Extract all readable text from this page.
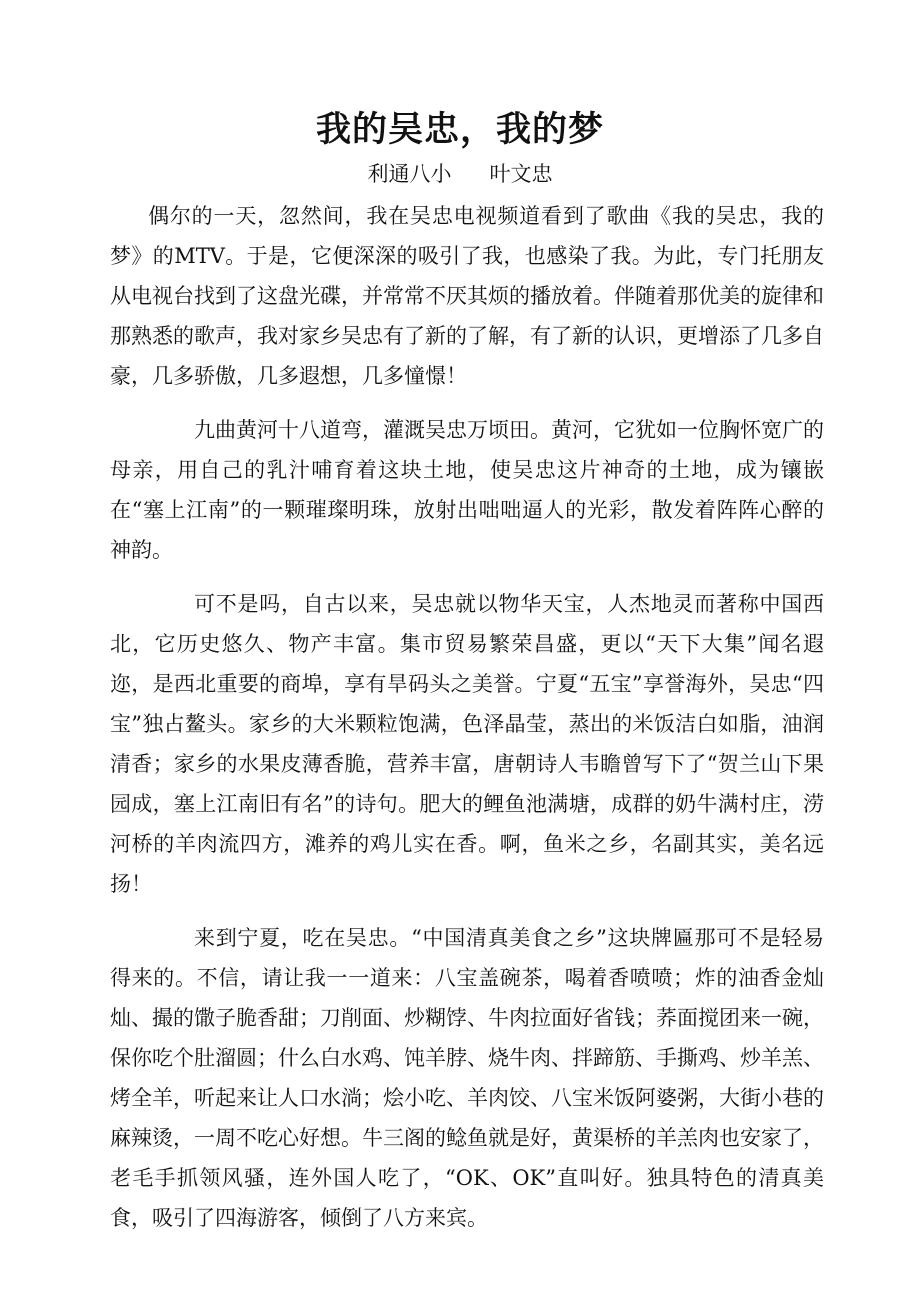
我的吴忠，我的梦
利通八小 叶文忠

偶尔的一天，忽然间，我在吴忠电视频道看到了歌曲《我的吴忠，我的梦》的MTV。于是，它便深深的吸引了我，也感染了我。为此，专门托朋友从电视台找到了这盘光碟，并常常不厌其烦的播放着。伴随着那优美的旋律和那熟悉的歌声，我对家乡吴忠有了新的了解，有了新的认识，更增添了几多自豪，几多骄傲，几多遐想，几多憧憬！

九曲黄河十八道弯，灌溉吴忠万顷田。黄河，它犹如一位胸怀宽广的母亲，用自己的乳汁哺育着这块土地，使吴忠这片神奇的土地，成为镶嵌在“塞上江南”的一颗璀璨明珠，放射出咄咄逼人的光彩，散发着阵阵心醉的神韵。

可不是吗，自古以来，吴忠就以物华天宝，人杰地灵而著称中国西北，它历史悠久、物产丰富。集市贸易繁荣昌盛，更以“天下大集”闻名遐迩，是西北重要的商埠，享有旱码头之美誉。宁夏“五宝”享誉海外，吴忠“四宝”独占鳌头。家乡的大米颗粒饱满，色泽晶莹，蒸出的米饭洁白如脂，油润清香；家乡的水果皮薄香脆，营养丰富，唐朝诗人韦瞻曾写下了“贺兰山下果园成，塞上江南旧有名”的诗句。肥大的鲤鱼池满塘，成群的奶牛满村庄，涝河桥的羊肉流四方，滩养的鸡儿实在香。啊，鱼米之乡，名副其实，美名远扬！

来到宁夏，吃在吴忠。“中国清真美食之乡”这块牌匾那可不是轻易得来的。不信，请让我一一道来：八宝盖碗茶，喝着香喷喷；炸的油香金灿灿、撮的馓子脆香甜；刀削面、炒糊饽、牛肉拉面好省钱；荞面搅团来一碗，保你吃个肚溜圆；什么白水鸡、饨羊脖、烧牛肉、拌蹄筋、手撕鸡、炒羊羔、烤全羊，听起来让人口水淌；烩小吃、羊肉饺、八宝米饭阿婆粥，大街小巷的麻辣烫，一周不吃心好想。牛三阁的鲶鱼就是好，黄渠桥的羊羔肉也安家了，老毛手抓领风骚，连外国人吃了，“OK、OK”直叫好。独具特色的清真美食，吸引了四海游客，倾倒了八方来宾。
